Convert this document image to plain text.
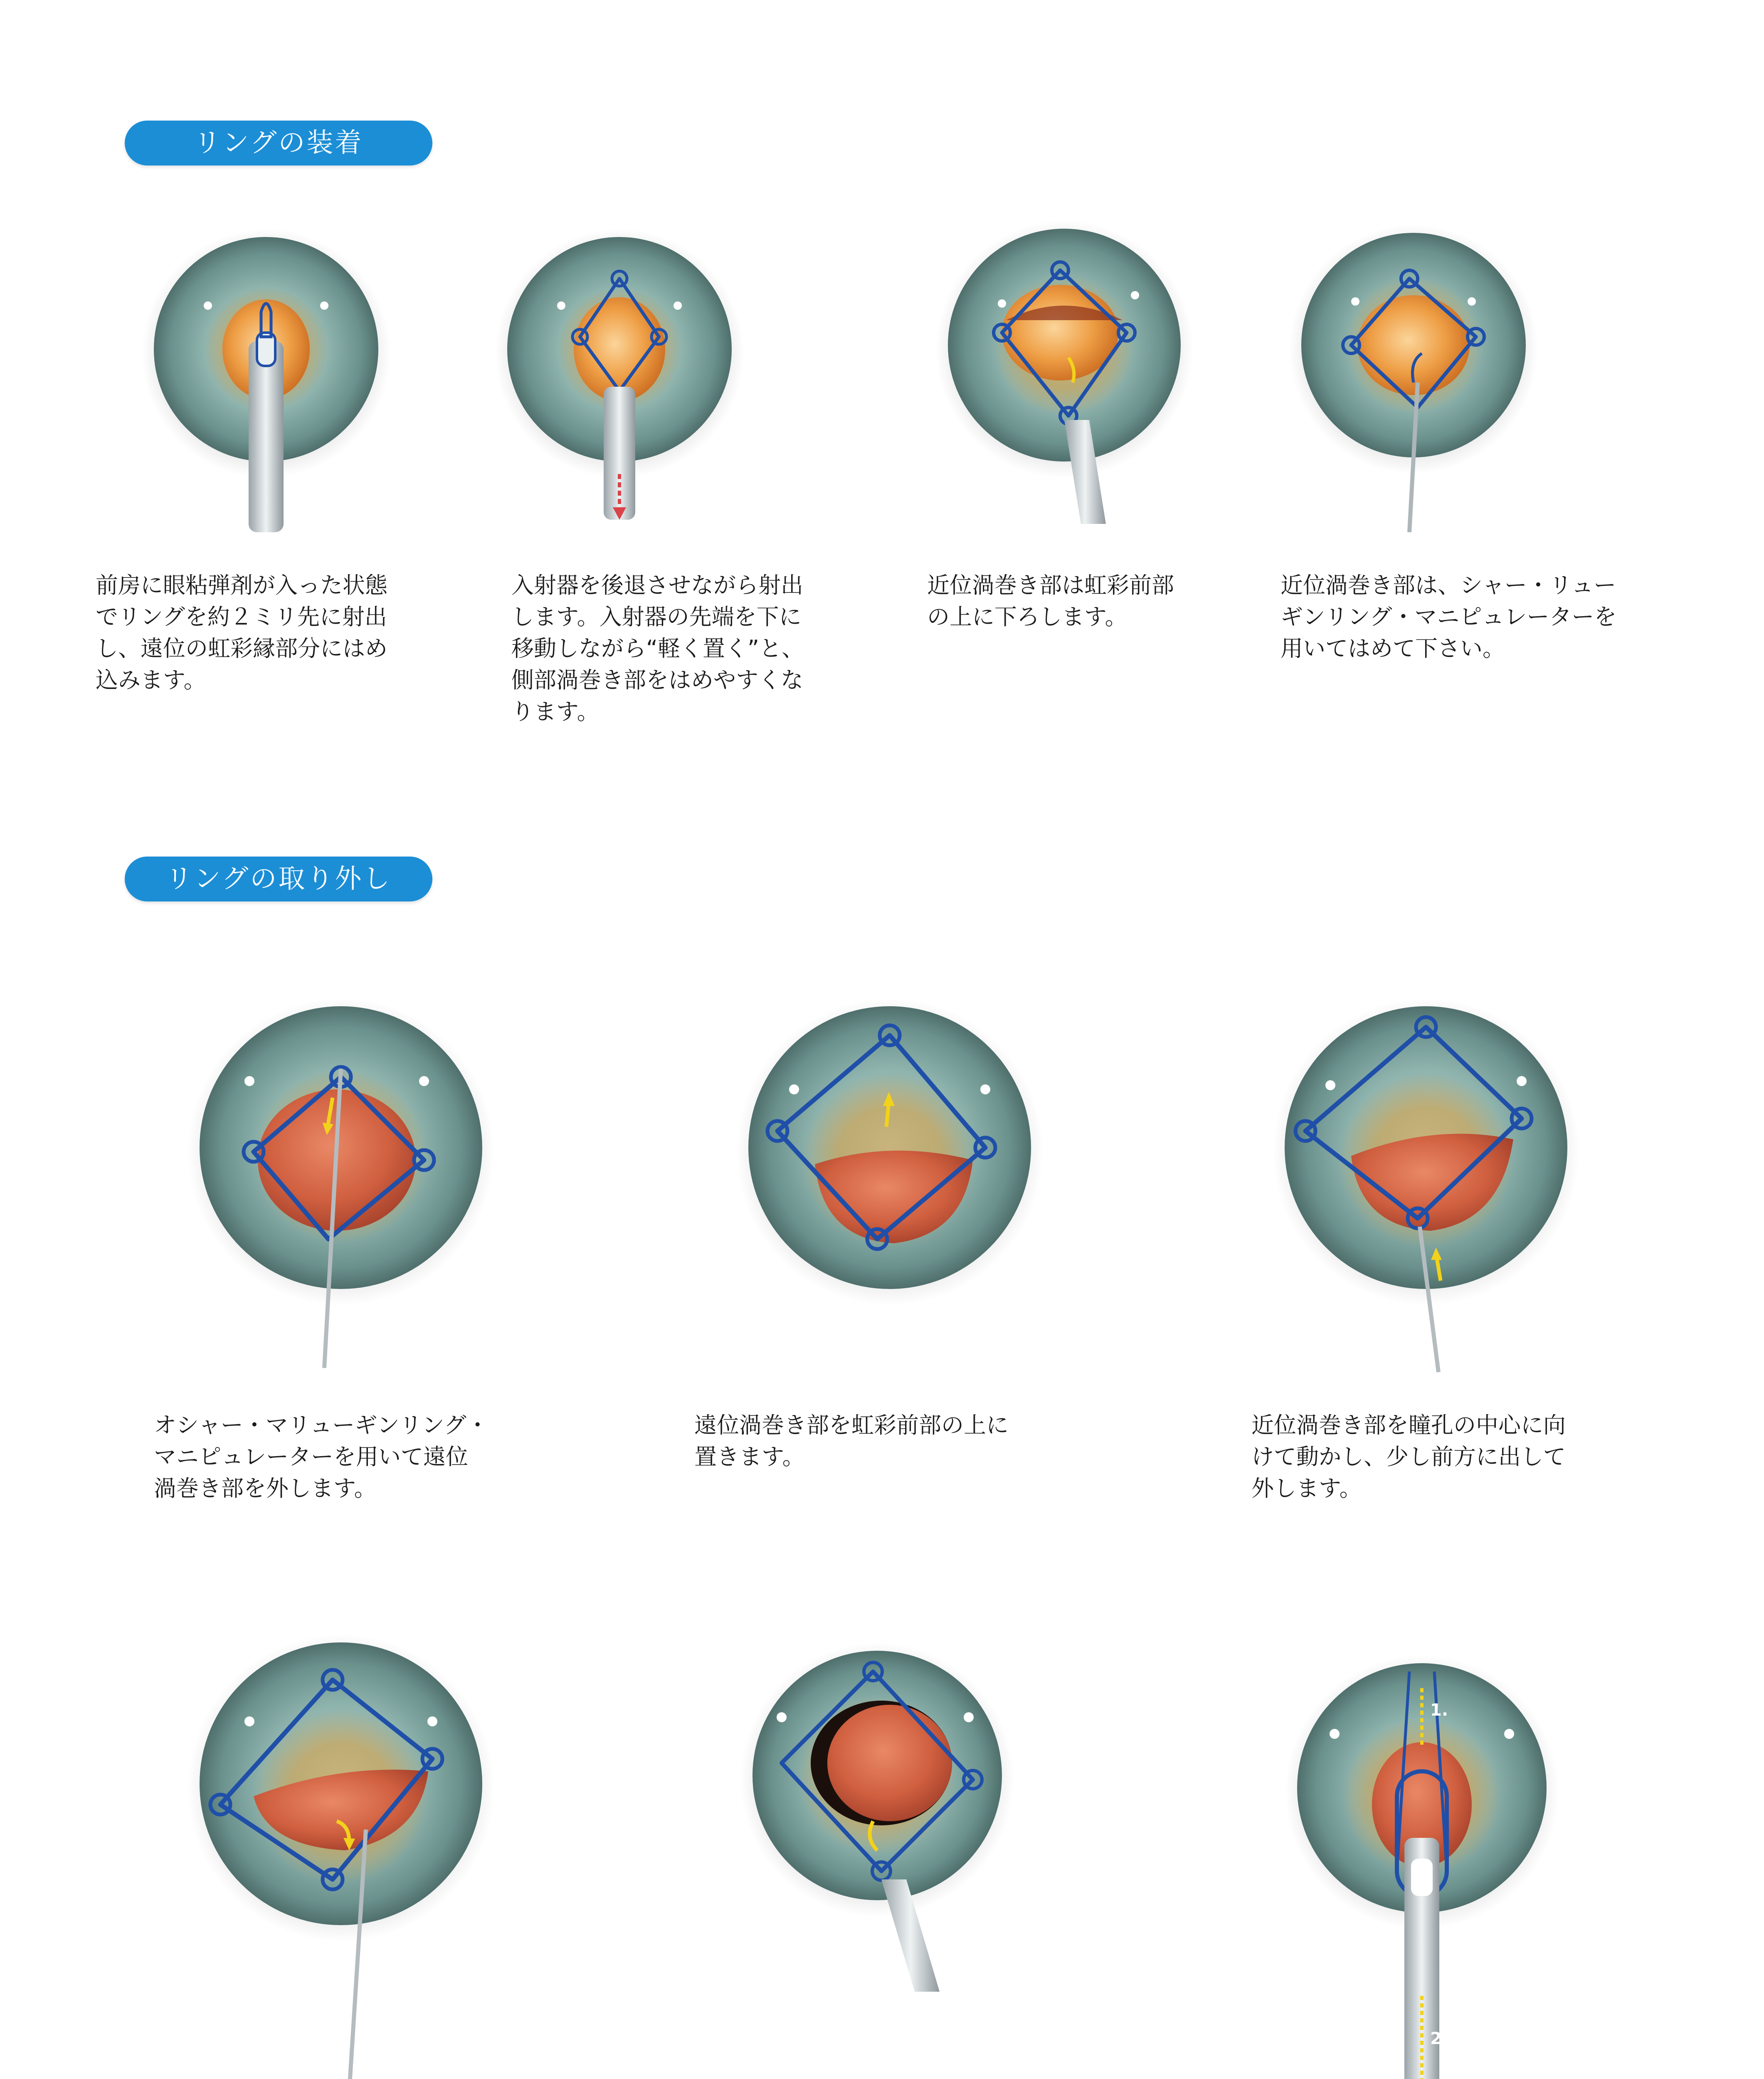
リングの装着
リングの取り外し
前房に眼粘弾剤が入った状態
でリングを約２ミリ先に射出
し、遠位の虹彩縁部分にはめ
込みます。
入射器を後退させながら射出
します。入射器の先端を下に
移動しながら“軽く置く”と、
側部渦巻き部をはめやすくな
ります。
近位渦巻き部は虹彩前部
の上に下ろします。
近位渦巻き部は、シャー・リュー
ギンリング・マニピュレーターを
用いてはめて下さい。
オシャー・マリューギンリング・
マニピュレーターを用いて遠位
渦巻き部を外します。
遠位渦巻き部を虹彩前部の上に
置きます。
近位渦巻き部を瞳孔の中心に向
けて動かし、少し前方に出して
外します。
1.
2.
